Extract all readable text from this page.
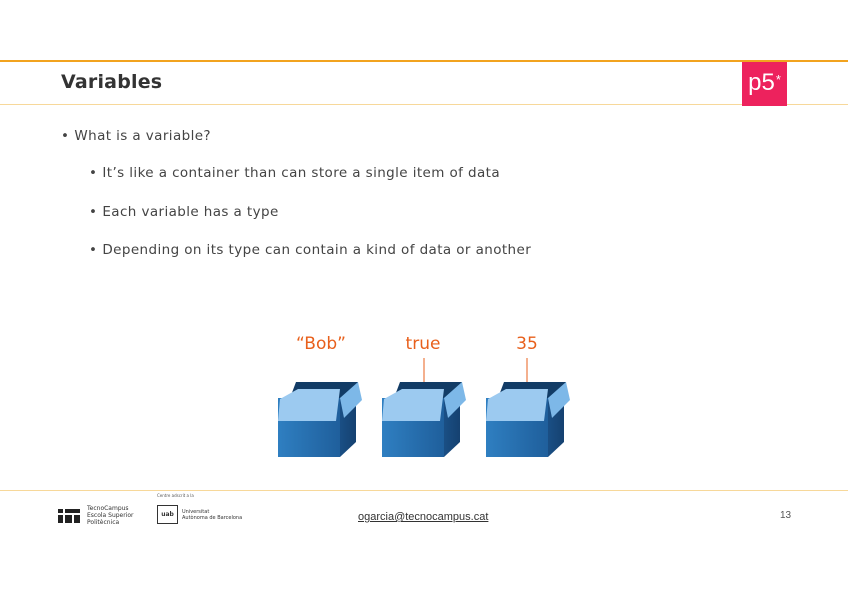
Variables	p5*
• What is a variable?
• It’s like a container than can store a single item of data
• Each variable has a type
• Depending on its type can contain a kind of data or another
“Bob”	true	35
TecnoCampus
Escola Superior
Politècnica
Centre adscrit a la
uab	Universitat
Autònoma de Barcelona	ogarcia@tecnocampus.cat	13
